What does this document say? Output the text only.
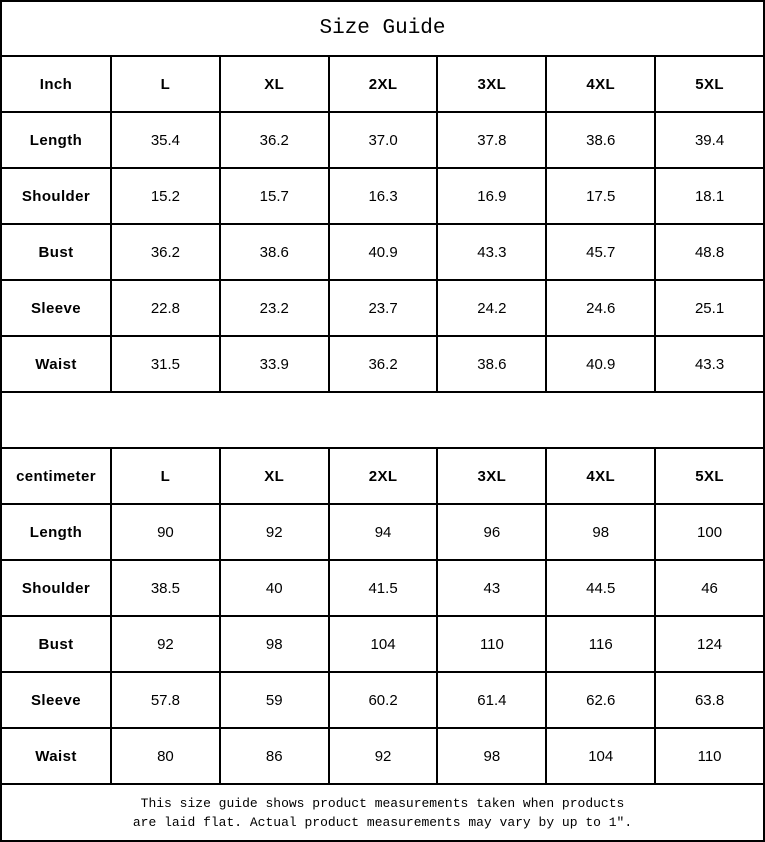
Size Guide						
Inch	L	XL	2XL	3XL	4XL	5XL
Length	35.4	36.2	37.0	37.8	38.6	39.4
Shoulder	15.2	15.7	16.3	16.9	17.5	18.1
Bust	36.2	38.6	40.9	43.3	45.7	48.8
Sleeve	22.8	23.2	23.7	24.2	24.6	25.1
Waist	31.5	33.9	36.2	38.6	40.9	43.3

centimeter	L	XL	2XL	3XL	4XL	5XL
Length	90	92	94	96	98	100
Shoulder	38.5	40	41.5	43	44.5	46
Bust	92	98	104	110	116	124
Sleeve	57.8	59	60.2	61.4	62.6	63.8
Waist	80	86	92	98	104	110

This size guide shows product measurements taken when products
are laid flat. Actual product measurements may vary by up to 1″.						
